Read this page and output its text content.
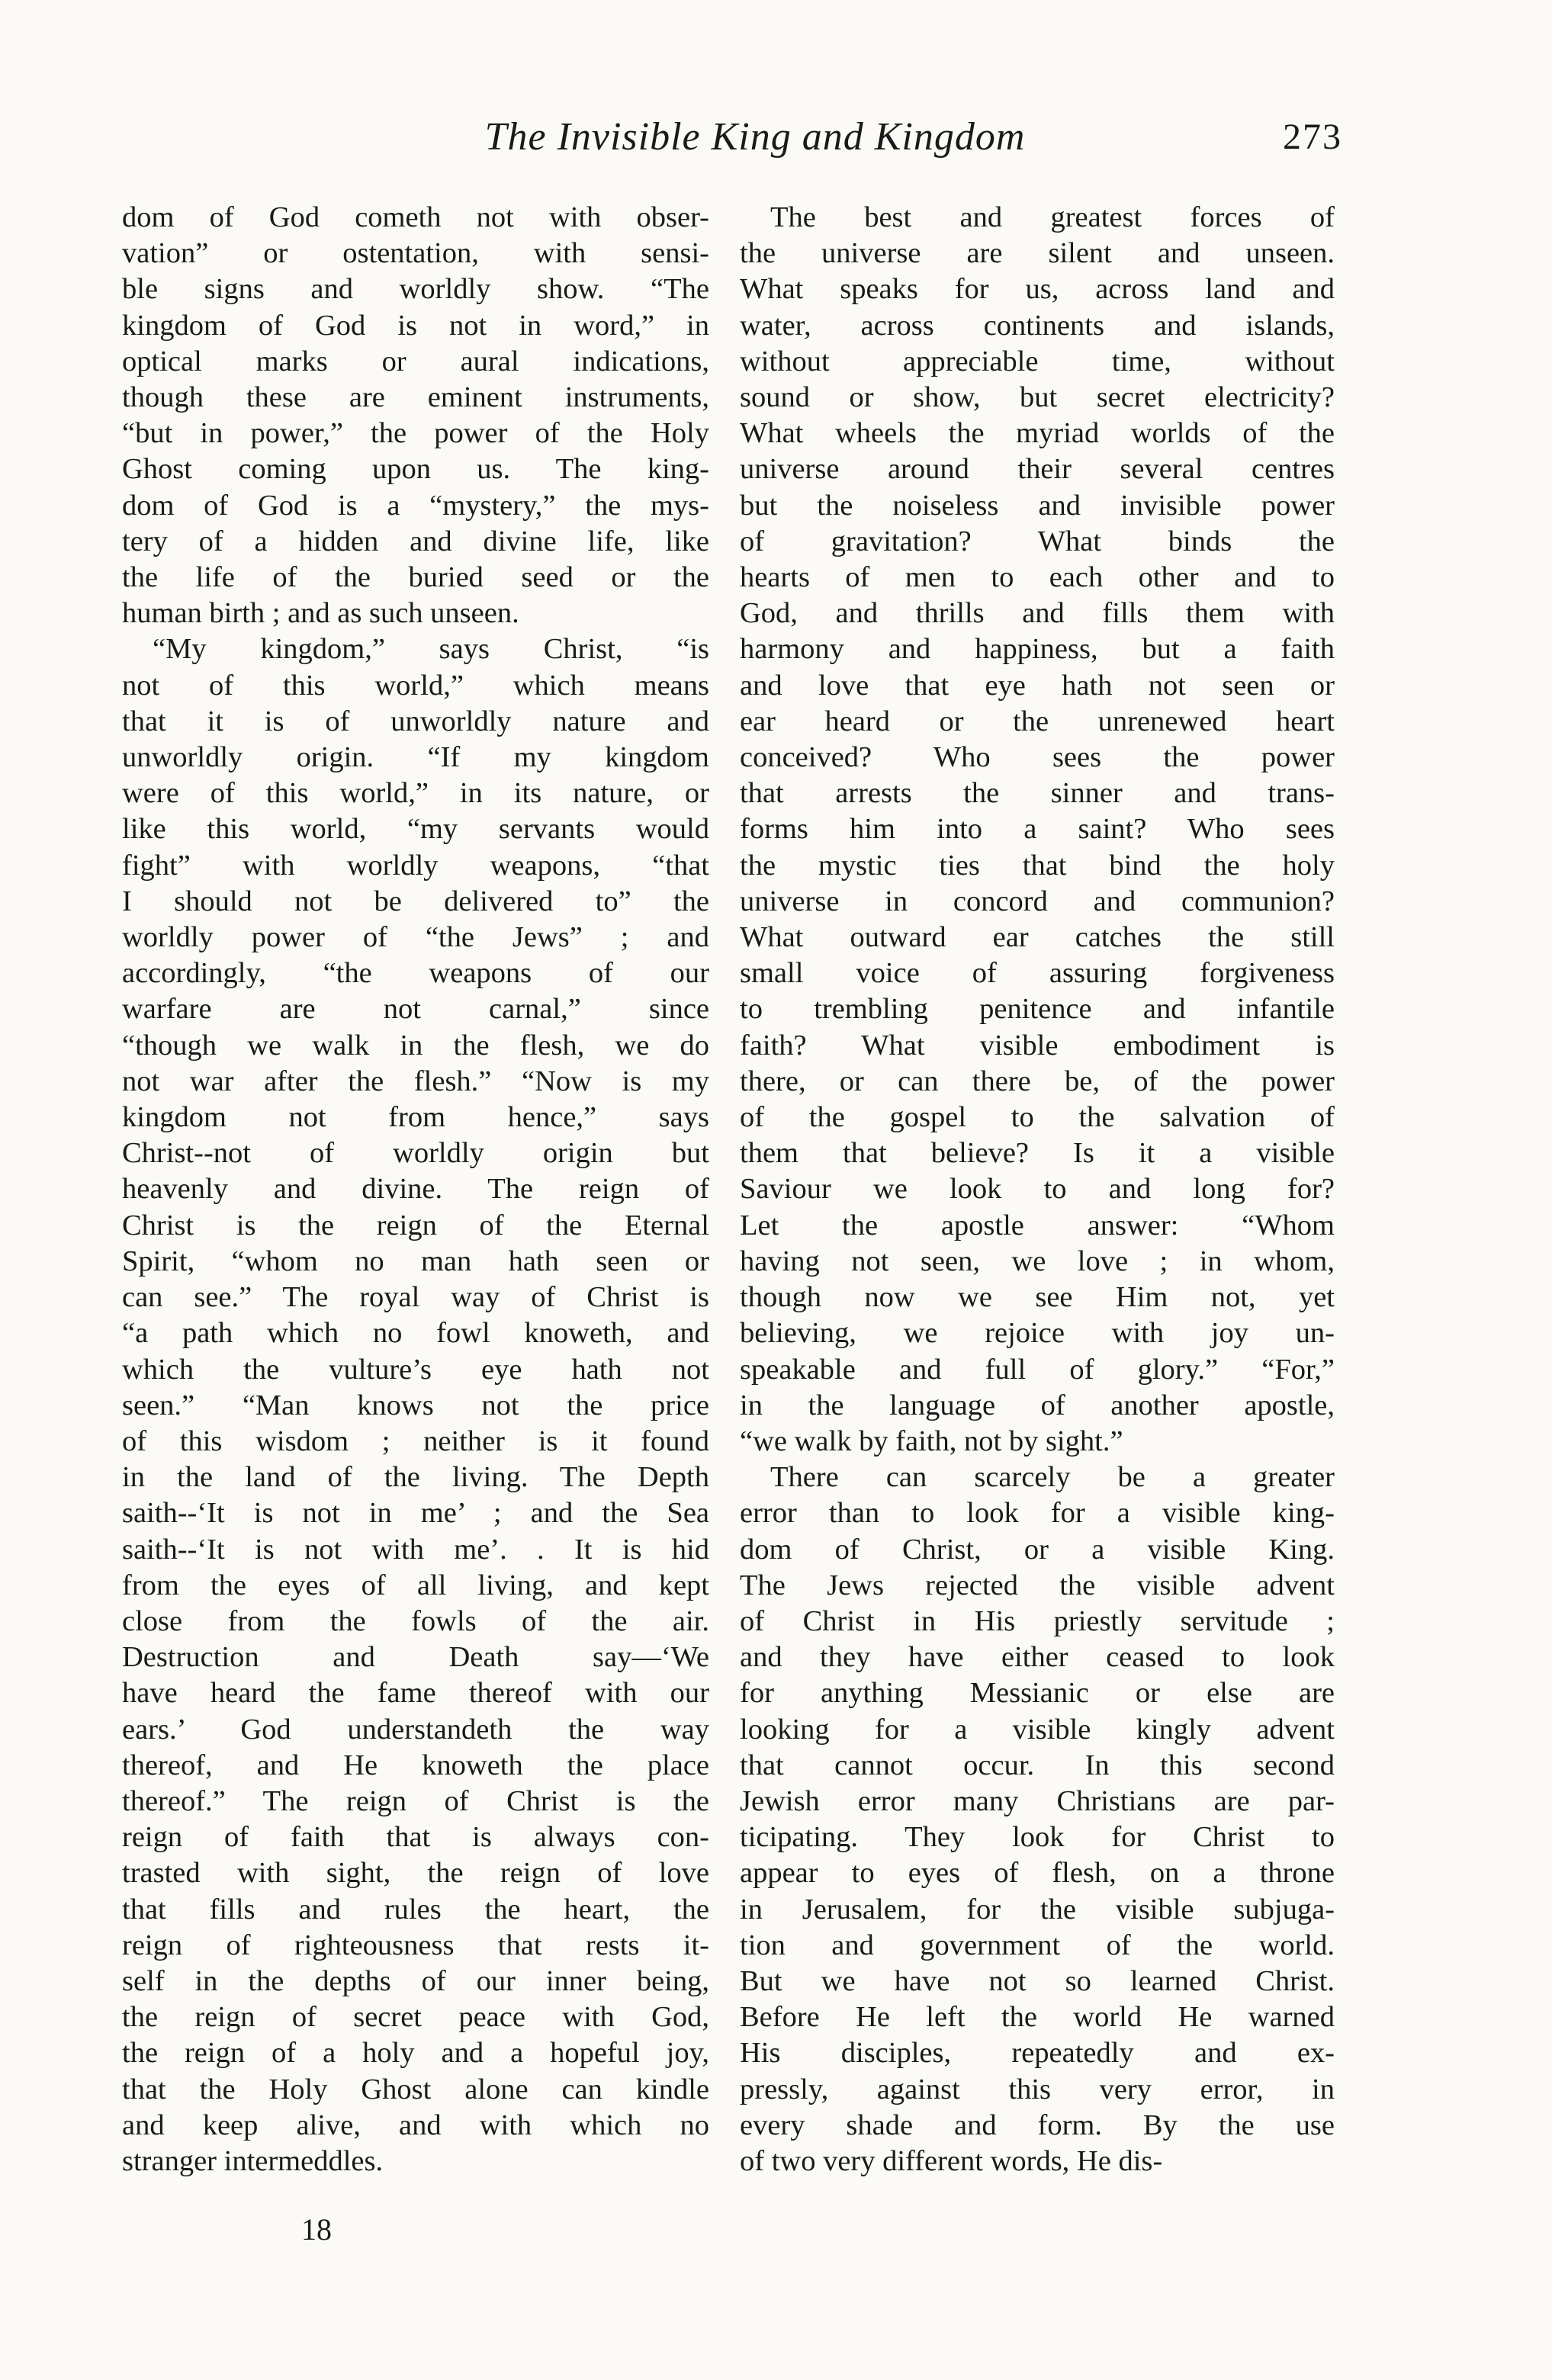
The Invisible King and Kingdom	273
dom of God cometh not with obser-
vation” or ostentation, with sensi-
ble signs and worldly show. “The
kingdom of God is not in word,” in
optical marks or aural indications,
though these are eminent instruments,
“but in power,” the power of the Holy
Ghost coming upon us. The king-
dom of God is a “mystery,” the mys-
tery of a hidden and divine life, like
the life of the buried seed or the
human birth ; and as such unseen.
“My kingdom,” says Christ, “is
not of this world,” which means
that it is of unworldly nature and
unworldly origin. “If my kingdom
were of this world,” in its nature, or
like this world, “my servants would
fight” with worldly weapons, “that
I should not be delivered to” the
worldly power of “the Jews” ; and
accordingly, “the weapons of our
warfare are not carnal,” since
“though we walk in the flesh, we do
not war after the flesh.” “Now is my
kingdom not from hence,” says
Christ--not of worldly origin but
heavenly and divine. The reign of
Christ is the reign of the Eternal
Spirit, “whom no man hath seen or
can see.” The royal way of Christ is
“a path which no fowl knoweth, and
which the vulture’s eye hath not
seen.” “Man knows not the price
of this wisdom ; neither is it found
in the land of the living. The Depth
saith--‘It is not in me’ ; and the Sea
saith--‘It is not with me’. . It is hid
from the eyes of all living, and kept
close from the fowls of the air.
Destruction and Death say—‘We
have heard the fame thereof with our
ears.’ God understandeth the way
thereof, and He knoweth the place
thereof.” The reign of Christ is the
reign of faith that is always con-
trasted with sight, the reign of love
that fills and rules the heart, the
reign of righteousness that rests it-
self in the depths of our inner being,
the reign of secret peace with God,
the reign of a holy and a hopeful joy,
that the Holy Ghost alone can kindle
and keep alive, and with which no
stranger intermeddles.
The best and greatest forces of
the universe are silent and unseen.
What speaks for us, across land and
water, across continents and islands,
without appreciable time, without
sound or show, but secret electricity?
What wheels the myriad worlds of the
universe around their several centres
but the noiseless and invisible power
of gravitation? What binds the
hearts of men to each other and to
God, and thrills and fills them with
harmony and happiness, but a faith
and love that eye hath not seen or
ear heard or the unrenewed heart
conceived? Who sees the power
that arrests the sinner and trans-
forms him into a saint? Who sees
the mystic ties that bind the holy
universe in concord and communion?
What outward ear catches the still
small voice of assuring forgiveness
to trembling penitence and infantile
faith? What visible embodiment is
there, or can there be, of the power
of the gospel to the salvation of
them that believe? Is it a visible
Saviour we look to and long for?
Let the apostle answer: “Whom
having not seen, we love ; in whom,
though now we see Him not, yet
believing, we rejoice with joy un-
speakable and full of glory.” “For,”
in the language of another apostle,
“we walk by faith, not by sight.”
There can scarcely be a greater
error than to look for a visible king-
dom of Christ, or a visible King.
The Jews rejected the visible advent
of Christ in His priestly servitude ;
and they have either ceased to look
for anything Messianic or else are
looking for a visible kingly advent
that cannot occur. In this second
Jewish error many Christians are par-
ticipating. They look for Christ to
appear to eyes of flesh, on a throne
in Jerusalem, for the visible subjuga-
tion and government of the world.
But we have not so learned Christ.
Before He left the world He warned
His disciples, repeatedly and ex-
pressly, against this very error, in
every shade and form. By the use
of two very different words, He dis-
18
